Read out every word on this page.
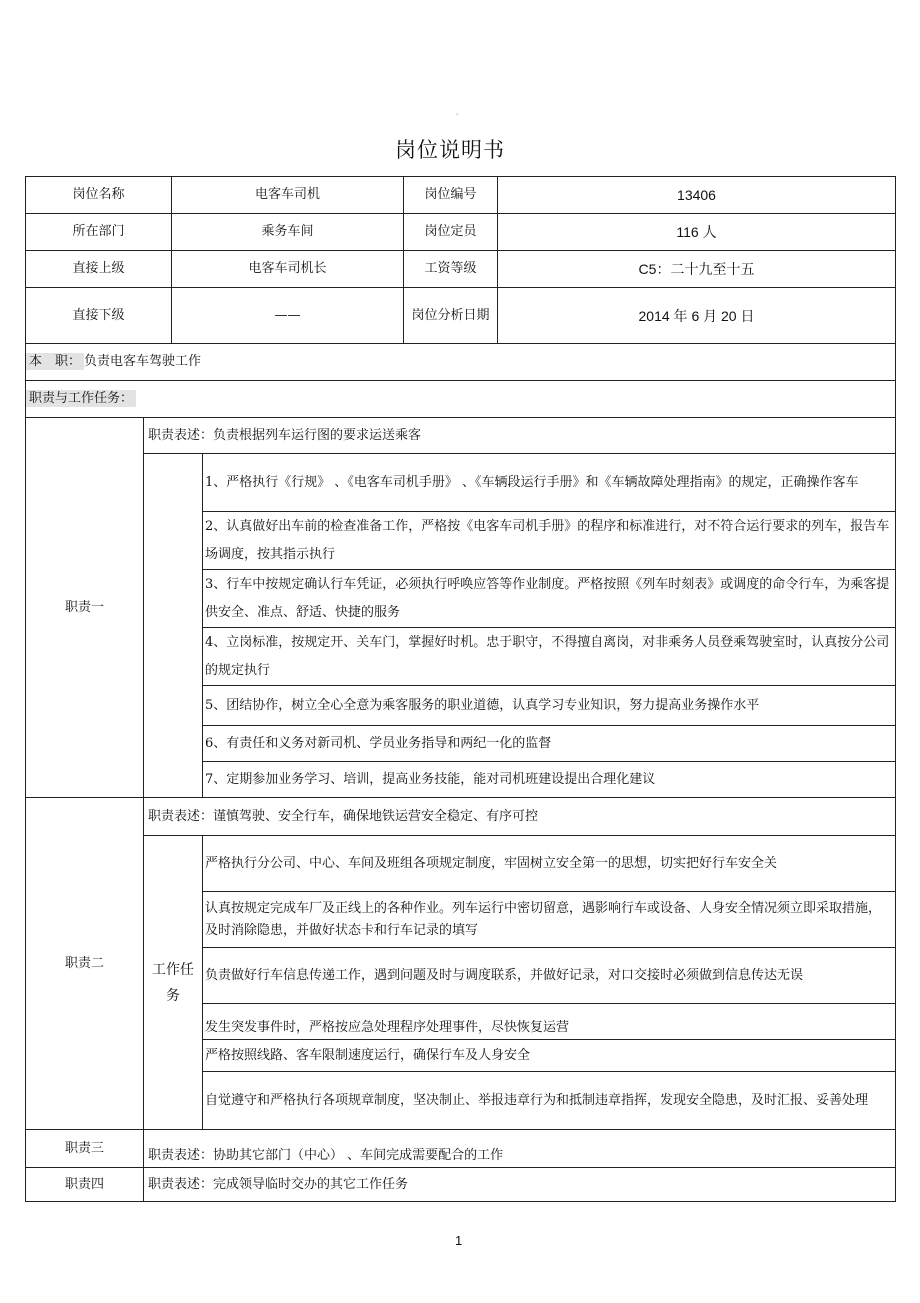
'
岗位说明书
岗位名称	电客车司机	岗位编号	13406
所在部门	乘务车间	岗位定员	116 人
直接上级	电客车司机长	工资等级	C5：二十九至十五
直接下级	——	岗位分析日期	2014 年 6 月 20 日
本　职： 负责电客车驾驶工作		
职责与工作任务：		
职责一	职责表述：负责根据列车运行图的要求运送乘客	
		1、严格执行《行规》 、《电客车司机手册》 、《车辆段运行手册》和《车辆故障处理指南》的规定，正确操作客车
		2、认真做好出车前的检查准备工作，严格按《电客车司机手册》的程序和标准进行，对不符合运行要求的列车，报告车场调度，按其指示执行
		3、行车中按规定确认行车凭证，必须执行呼唤应答等作业制度。严格按照《列车时刻表》或调度的命令行车，为乘客提供安全、准点、舒适、快捷的服务
		4、立岗标准，按规定开、关车门，掌握好时机。忠于职守，不得擅自离岗，对非乘务人员登乘驾驶室时，认真按分公司的规定执行
		5、团结协作，树立全心全意为乘客服务的职业道德，认真学习专业知识，努力提高业务操作水平
		6、有责任和义务对新司机、学员业务指导和两纪一化的监督
		7、定期参加业务学习、培训，提高业务技能，能对司机班建设提出合理化建议
职责二	职责表述：谨慎驾驶、安全行车，确保地铁运营安全稳定、有序可控	
	工作任务	严格执行分公司、中心、车间及班组各项规定制度，牢固树立安全第一的思想，切实把好行车安全关
		认真按规定完成车厂及正线上的各种作业。列车运行中密切留意，遇影响行车或设备、人身安全情况须立即采取措施，及时消除隐患，并做好状态卡和行车记录的填写
		负责做好行车信息传递工作，遇到问题及时与调度联系，并做好记录，对口交接时必须做到信息传达无误
		发生突发事件时，严格按应急处理程序处理事件，尽快恢复运营
		严格按照线路、客车限制速度运行，确保行车及人身安全
		自觉遵守和严格执行各项规章制度，坚决制止、举报违章行为和抵制违章指挥，发现安全隐患，及时汇报、妥善处理
职责三	职责表述：协助其它部门（中心） 、车间完成需要配合的工作	
职责四	职责表述：完成领导临时交办的其它工作任务	
1
